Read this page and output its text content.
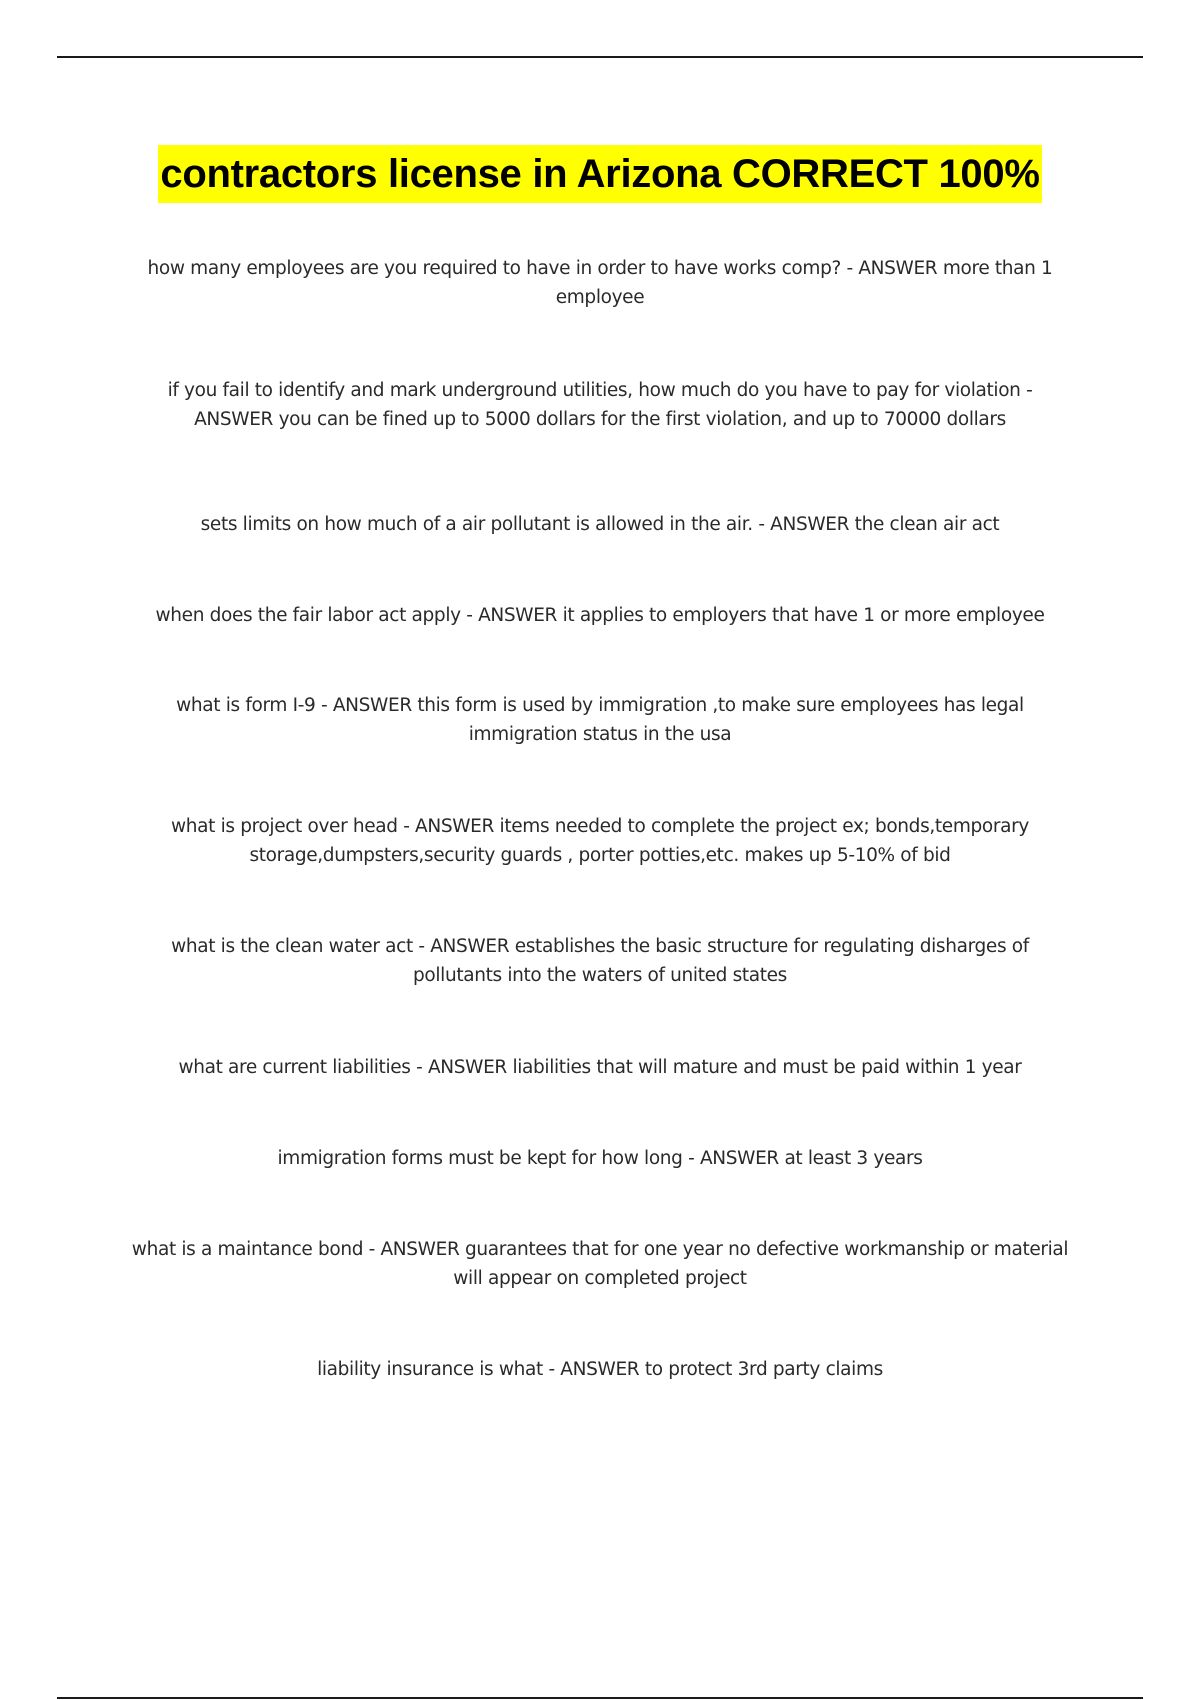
contractors license in Arizona CORRECT 100%

how many employees are you required to have in order to have works comp? - ANSWER more than 1 employee

if you fail to identify and mark underground utilities, how much do you have to pay for violation - ANSWER you can be fined up to 5000 dollars for the first violation, and up to 70000 dollars

sets limits on how much of a air pollutant is allowed in the air. - ANSWER the clean air act

when does the fair labor act apply - ANSWER it applies to employers that have 1 or more employee

what is form I-9 - ANSWER this form is used by immigration ,to make sure employees has legal immigration status in the usa

what is project over head - ANSWER items needed to complete the project ex; bonds,temporary storage,dumpsters,security guards , porter potties,etc. makes up 5-10% of bid

what is the clean water act - ANSWER establishes the basic structure for regulating disharges of pollutants into the waters of united states

what are current liabilities - ANSWER liabilities that will mature and must be paid within 1 year

immigration forms must be kept for how long - ANSWER at least 3 years

what is a maintance bond - ANSWER guarantees that for one year no defective workmanship or material will appear on completed project

liability insurance is what - ANSWER to protect 3rd party claims
